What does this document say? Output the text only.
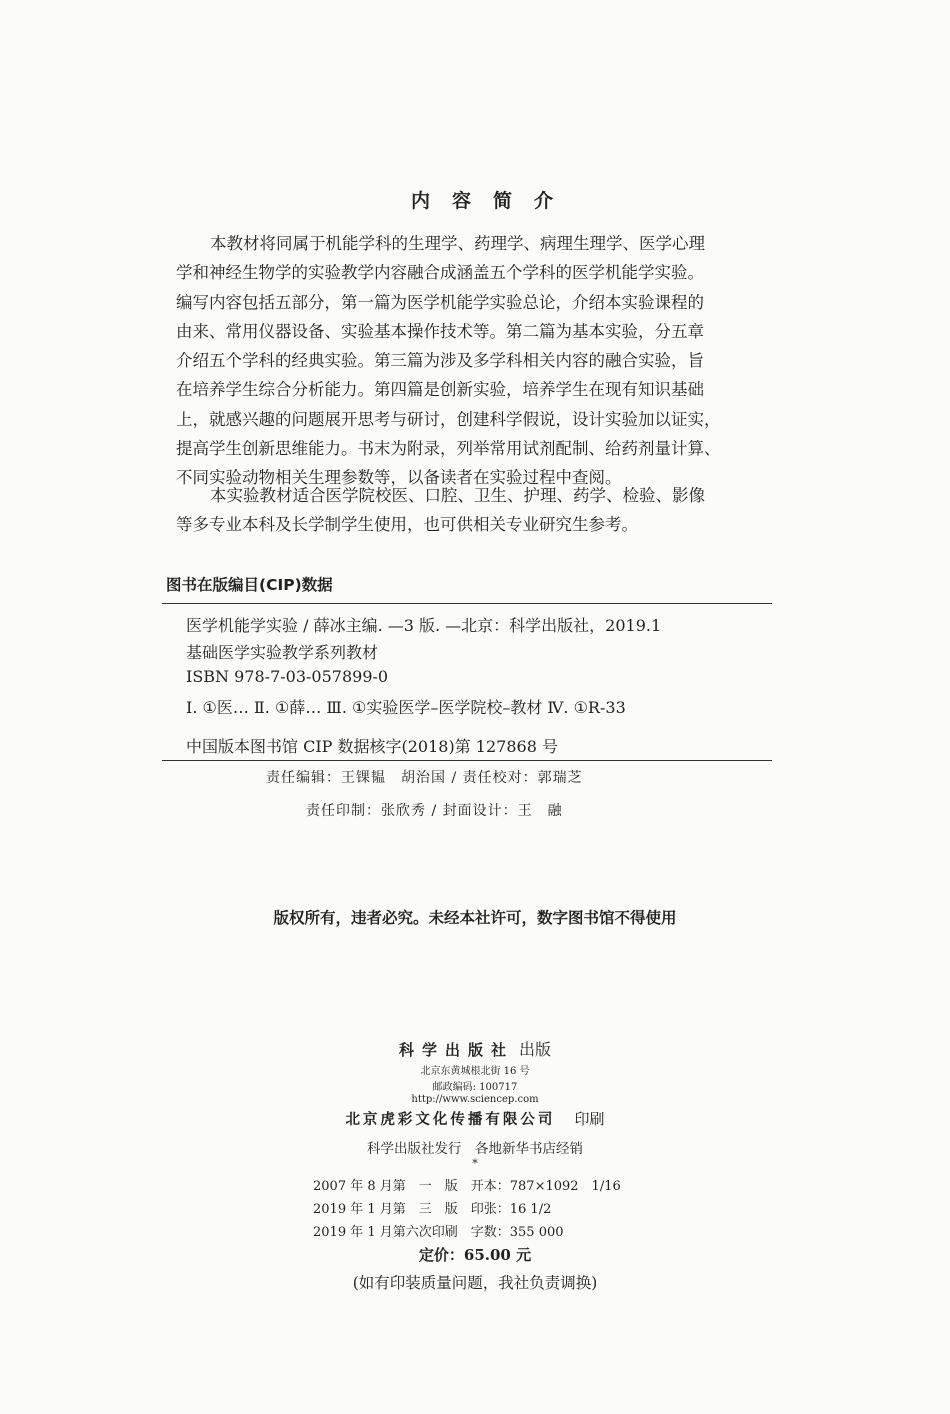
内容简介

本教材将同属于机能学科的生理学、药理学、病理生理学、医学心理
学和神经生物学的实验教学内容融合成涵盖五个学科的医学机能学实验。
编写内容包括五部分，第一篇为医学机能学实验总论，介绍本实验课程的
由来、常用仪器设备、实验基本操作技术等。第二篇为基本实验，分五章
介绍五个学科的经典实验。第三篇为涉及多学科相关内容的融合实验，旨
在培养学生综合分析能力。第四篇是创新实验，培养学生在现有知识基础
上，就感兴趣的问题展开思考与研讨，创建科学假说，设计实验加以证实，
提高学生创新思维能力。书末为附录，列举常用试剂配制、给药剂量计算、
不同实验动物相关生理参数等，以备读者在实验过程中查阅。

本实验教材适合医学院校医、口腔、卫生、护理、药学、检验、影像
等多专业本科及长学制学生使用，也可供相关专业研究生参考。

图书在版编目(CIP)数据
医学机能学实验 / 薛冰主编. —3 版. —北京：科学出版社，2019.1
基础医学实验教学系列教材
ISBN 978-7-03-057899-0
Ⅰ. ①医… Ⅱ. ①薛… Ⅲ. ①实验医学–医学院校–教材 Ⅳ. ①R-33
中国版本图书馆 CIP 数据核字(2018)第 127868 号
责任编辑：王锞韫　胡治国 / 责任校对：郭瑞芝
责任印制：张欣秀 / 封面设计：王　融
版权所有，违者必究。未经本社许可，数字图书馆不得使用
科学出版社 出版
北京东黄城根北街 16 号
邮政编码: 100717
http://www.sciencep.com
北京虎彩文化传播有限公司 印刷
科学出版社发行　各地新华书店经销
*
2007 年 8 月第　一　版　开本：787×1092　1/16
2019 年 1 月第　三　版　印张：16 1/2
2019 年 1 月第六次印刷　字数：355 000
定价：65.00 元
(如有印装质量问题，我社负责调换)
